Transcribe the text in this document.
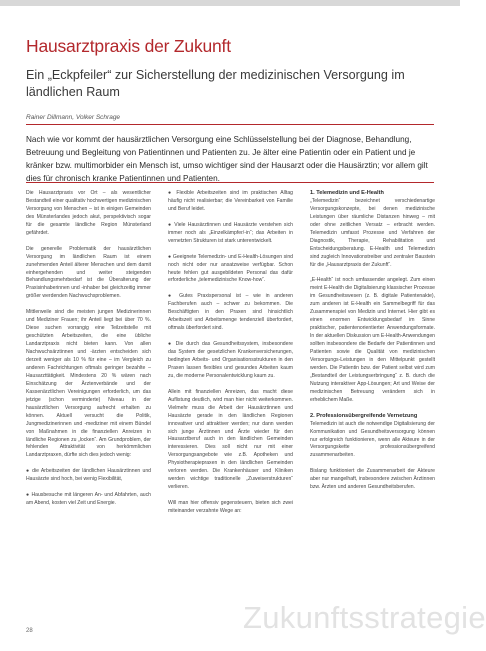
Hausarztpraxis der Zukunft
Ein „Eckpfeiler“ zur Sicherstellung der medizinischen Versorgung im ländlichen Raum
Rainer Dillmann, Volker Schrage
Nach wie vor kommt der hausärztlichen Versorgung eine Schlüsselstellung bei der Diagnose, Behandlung, Betreuung und Begleitung von Patientinnen und Patienten zu. Je älter eine Patientin oder ein Patient und je kränker bzw. multimorbider ein Mensch ist, umso wichtiger sind der Hausarzt oder die Hausärztin; vor allem gilt dies für chronisch kranke Patientinnen und Patienten.

Die Hausarztpraxis vor Ort – als wesentlicher Bestandteil einer qualitativ hochwertigen medizinischen Versorgung von Menschen – ist in einigen Gemeinden des Münsterlandes jedoch akut, perspektivisch sogar für die gesamte ländliche Region Münsterland gefährdet.

Die generelle Problematik der hausärztlichen Versorgung im ländlichen Raum ist einem zunehmenden Anteil älterer Menschen und dem damit einhergehenden und weiter steigenden Behandlungsmehrbedarf ist die Überalterung der Praxisinhaberinnen und -inhaber bei gleichzeitig immer größer werdenden Nachwuchsproblemen.

Mittlerweile sind die meisten jungen Medizinerinnen und Mediziner Frauen; ihr Anteil liegt bei über 70 %. Diese suchen vorrangig eine Teilzeitstelle mit geschützten Arbeitszeiten, die eine übliche Landarztpraxis nicht bieten kann. Von allen Nachwuchsärztinnen und -ärzten entscheiden sich derzeit weniger als 10 % für eine – im Vergleich zu anderen Fachrichtungen oftmals geringer bezahlte – Hausarzttätigkeit. Mindestens 20 % wären nach Einschätzung der Ärztenverbände und der Kassenärztlichen Vereinigungen erforderlich, um das jetzige (schon verminderte) Niveau in der hausärztlichen Versorgung aufrecht erhalten zu können. Aktuell versucht die Politik, Jungmedizinerinnen und -mediziner mit einem Bündel von Maßnahmen in die finanziellen Anreizen in ländliche Regionen zu „locken“. Am Grundproblem, der fehlenden Attraktivität von herkömmlichen Landarztpraxen, dürfte sich dies jedoch wenig:

● die Arbeitszeiten der ländlichen Hausärztinnen und Hausärzte sind hoch, bei wenig Flexibilität,

● Hausbesuche mit längeren An- und Abfahrten, auch am Abend, kosten viel Zeit und Energie.

● Flexible Arbeitszeiten sind im praktischen Alltag häufig nicht realisierbar; die Vereinbarkeit von Familie und Beruf leidet.

● Viele Hausärztinnen und Hausärzte verstehen sich immer noch als „Einzelkämpfer/-in“; das Arbeiten in vernetzten Strukturen ist stark unterentwickelt.

● Geeignete Telemedizin- und E-Health-Lösungen sind noch nicht oder nur ansatzweise verfügbar. Schon heute fehlen gut ausgebildeten Personal das dafür erforderliche „telemedizinische Know-how“.

● Gutes Praxispersonal ist – wie in anderen Fachberufen auch – schwer zu bekommen. Die Beschäftigten in den Praxen sind hinsichtlich Arbeitszeit und Arbeitsmenge tendenziell überfordert, oftmals überfordert sind.

● Die durch das Gesundheitssystem, insbesondere das System der gesetzlichen Krankenversicherungen, bedingten Arbeits- und Organisationsstrukturen in den Praxen lassen flexibles und gesundes Arbeiten kaum zu, die moderne Personalentwicklung kaum zu.

Allein mit finanziellen Anreizen, das macht diese Auflistung deutlich, wird man hier nicht weiterkommen. Vielmehr muss die Arbeit der Hausärztinnen und Hausärzte gerade in den ländlichen Regionen innovativer und attraktiver werden; nur dann werden sich junge Ärztinnen und Ärzte wieder für den Hausarztberuf auch in den ländlichen Gemeinden interessieren. Dies soll nicht nur mit einer Versorgungsangebote wie z.B. Apotheken und Physiotherapiepraxen in den ländlichen Gemeinden verloren werden. Die Krankenhäuser und Kliniken werden wichtige traditionelle „Zuweiserstrukturen“ verlieren.

Will man hier offensiv gegensteuern, bieten sich zwei miteinander verzahnte Wege an:

1. Telemedizin und E-Health

„Telemedizin“ bezeichnet verschiedenartige Versorgungskonzepte, bei denen medizinische Leistungen über räumliche Distanzen hinweg – mit oder ohne zeitlichen Versatz – erbracht werden. Telemedizin umfasst Prozesse und Verfahren der Diagnostik, Therapie, Rehabilitation und Entscheidungsberatung. E-Health und Telemedizin sind zugleich Innovationstreiber und zentraler Baustein für die „Hausarztpraxis der Zukunft“.

„E-Health“ ist noch umfassender angelegt. Zum einen meint E-Health die Digitalisierung klassischer Prozesse im Gesundheitswesen (z. B. digitale Patientenakte), zum anderen ist E-Health ein Sammelbegriff für das Zusammenspiel von Medizin und Internet. Hier gibt es einen enormen Entwicklungsbedarf im Sinne praktischer, patientenorientierter Anwendungsformate. In der aktuellen Diskussion um E-Health-Anwendungen sollten insbesondere die Bedarfe der Patientinnen und Patienten sowie die Qualität von medizinischen Versorgungs-Leistungen in den Mittelpunkt gestellt werden. Die Patientin bzw. der Patient selbst wird zum „Bestandteil der Leistungserbringung“ z. B. durch die Nutzung interaktiver App-Lösungen; Art und Weise der medizinischen Betreuung verändern sich in erheblichem Maße.

2. Professionsübergreifende Vernetzung

Telemedizin ist auch die notwendige Digitalisierung der Kommunikation und Gesundheitsversorgung können nur erfolgreich funktionieren, wenn alle Akteure in der Versorgungskette professionsübergreifend zusammenarbeiten.

Bislang funktioniert die Zusammenarbeit der Akteure aber nur mangelhaft, insbesondere zwischen Ärztinnen bzw. Ärzten und anderen Gesundheitsberufen.

Zukunftsstrategie
28
